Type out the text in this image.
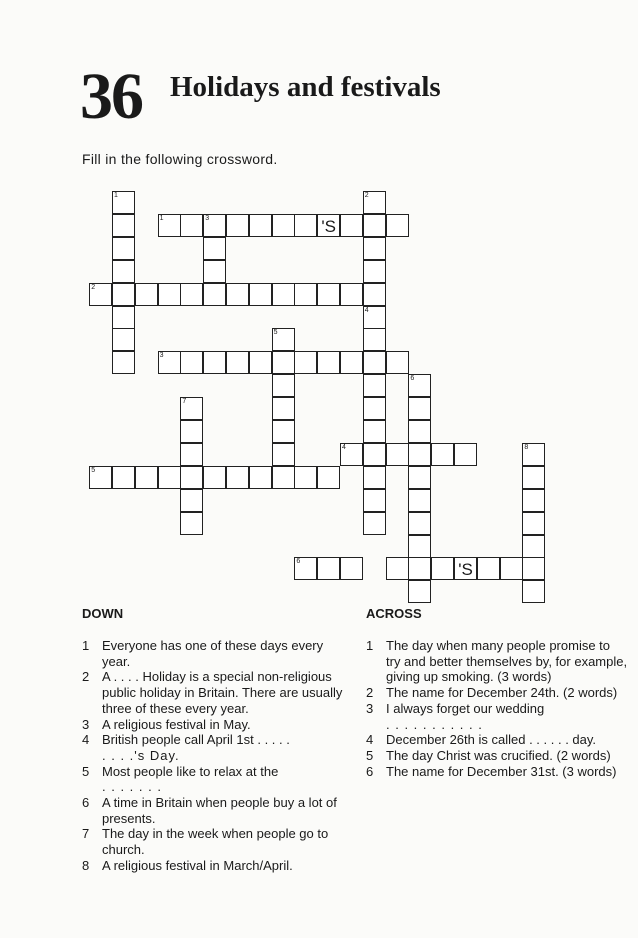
36 Holidays and festivals
Fill in the following crossword.
1	2
1	3	'S
2
4
5
3
6
7
4	8
5
6	'S
DOWN	ACROSS
1 Everyone has one of these days every year.
2 A . . . . Holiday is a special non-religious public holiday in Britain. There are usually three of these every year.
3 A religious festival in May.
4 British people call April 1st . . . . .
. . . .'s Day.
5 Most people like to relax at the
. . . . . . .
6 A time in Britain when people buy a lot of presents.
7 The day in the week when people go to church.
8 A religious festival in March/April.
1 The day when many people promise to try and better themselves by, for example, giving up smoking. (3 words)
2 The name for December 24th. (2 words)
3 I always forget our wedding
. . . . . . . . . . .
4 December 26th is called . . . . . . day.
5 The day Christ was crucified. (2 words)
6 The name for December 31st. (3 words)
